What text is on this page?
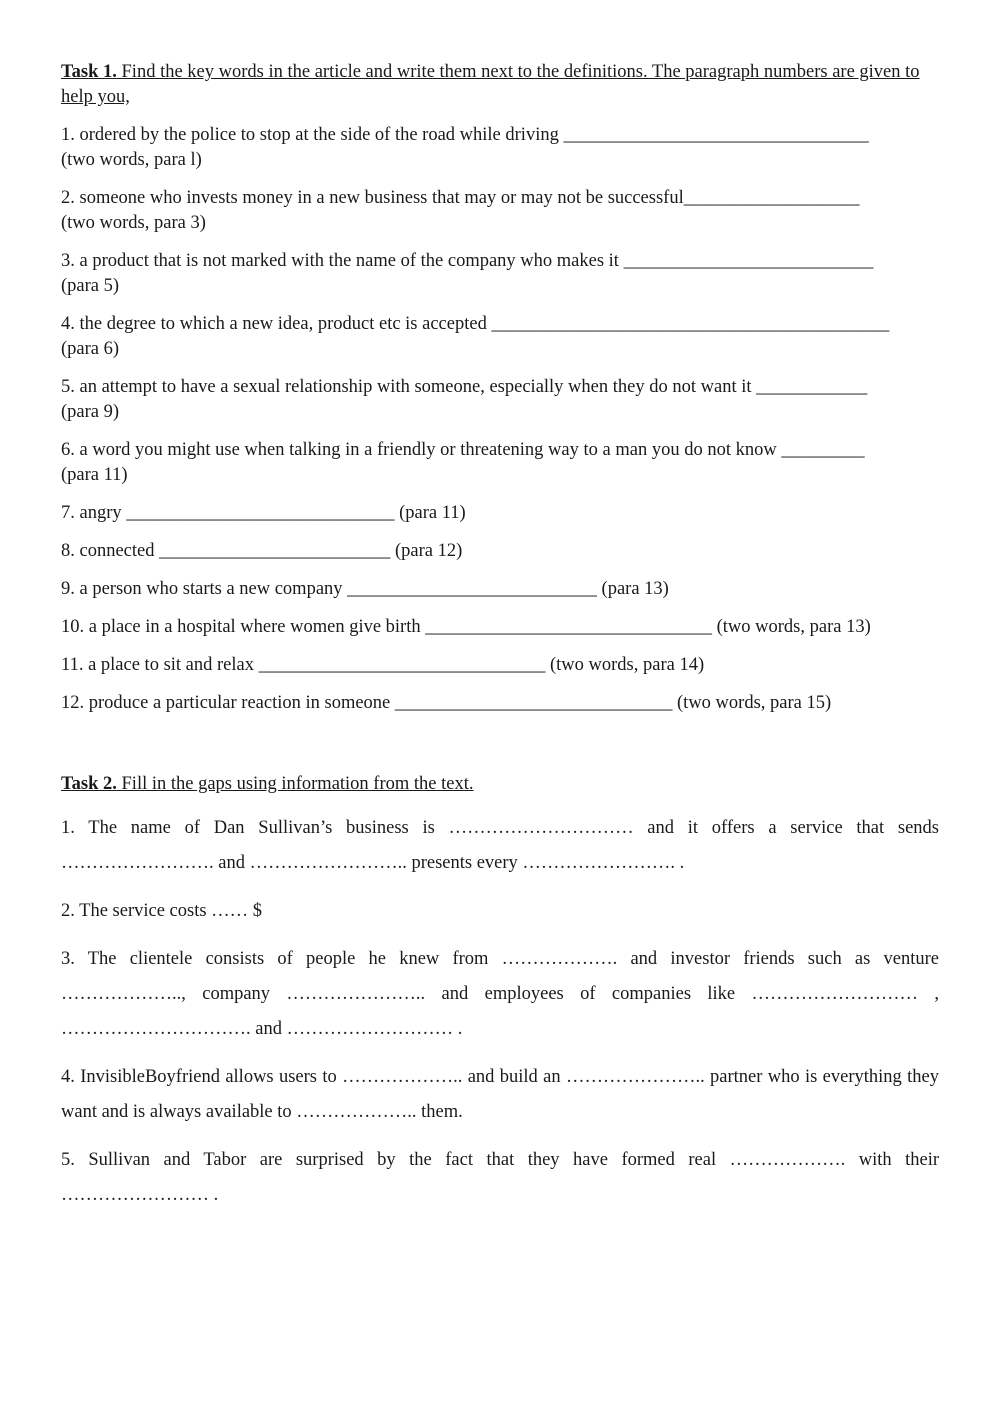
Task 1. Find the key words in the article and write them next to the definitions. The paragraph numbers are given to help you,
1. ordered by the police to stop at the side of the road while driving _________________________________
(two words, para l)
2. someone who invests money in a new business that may or may not be successful___________________
(two words, para 3)
3. a product that is not marked with the name of the company who makes it ___________________________
(para 5)
4. the degree to which a new idea, product etc is accepted ___________________________________________
(para 6)
5. an attempt to have a sexual relationship with someone, especially when they do not want it ____________
(para 9)
6. a word you might use when talking in a friendly or threatening way to a man you do not know _________
(para 11)
7. angry _____________________________ (para 11)
8. connected _________________________ (para 12)
9. a person who starts a new company ___________________________ (para 13)
10. a place in a hospital where women give birth _______________________________ (two words, para 13)
11. a place to sit and relax _______________________________ (two words, para 14)
12. produce a particular reaction in someone ______________________________ (two words, para 15)
Task 2. Fill in the gaps using information from the text.
1. The name of Dan Sullivan’s business is ………………………… and it offers a service that sends ……………………. and …………………….. presents every ……………………. .
2. The service costs …… $
3. The clientele consists of people he knew from ………………. and investor friends such as venture ……………….., company ………………….. and employees of companies like ……………………… , …………………………. and ……………………… .
4. InvisibleBoyfriend allows users to ……………….. and build an ………………….. partner who is everything they want and is always available to ……………….. them.
5. Sullivan and Tabor are surprised by the fact that they have formed real ………………. with their …………………… .
